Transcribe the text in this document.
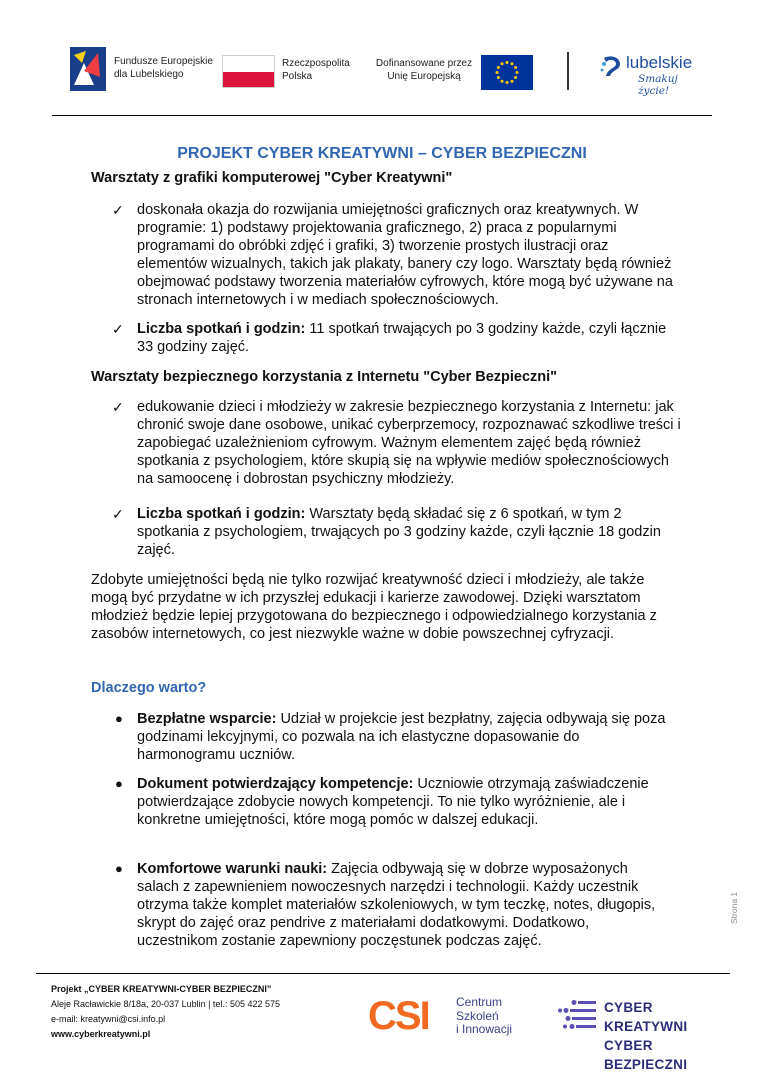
Fundusze Europejskie
dla Lubelskiego
Rzeczpospolita
Polska
Dofinansowane przez
Unię Europejską
lubelskie
Smakuj życie!
PROJEKT CYBER KREATYWNI – CYBER BEZPIECZNI
Warsztaty z grafiki komputerowej "Cyber Kreatywni"
✓ doskonała okazja do rozwijania umiejętności graficznych oraz kreatywnych. W programie: 1) podstawy projektowania graficznego, 2) praca z popularnymi programami do obróbki zdjęć i grafiki, 3) tworzenie prostych ilustracji oraz elementów wizualnych, takich jak plakaty, banery czy logo. Warsztaty będą również obejmować podstawy tworzenia materiałów cyfrowych, które mogą być używane na stronach internetowych i w mediach społecznościowych.
✓ Liczba spotkań i godzin: 11 spotkań trwających po 3 godziny każde, czyli łącznie 33 godziny zajęć.
Warsztaty bezpiecznego korzystania z Internetu "Cyber Bezpieczni"
✓ edukowanie dzieci i młodzieży w zakresie bezpiecznego korzystania z Internetu: jak chronić swoje dane osobowe, unikać cyberprzemocy, rozpoznawać szkodliwe treści i zapobiegać uzależnieniom cyfrowym. Ważnym elementem zajęć będą również spotkania z psychologiem, które skupią się na wpływie mediów społecznościowych na samoocenę i dobrostan psychiczny młodzieży.
✓ Liczba spotkań i godzin: Warsztaty będą składać się z 6 spotkań, w tym 2 spotkania z psychologiem, trwających po 3 godziny każde, czyli łącznie 18 godzin zajęć.
Zdobyte umiejętności będą nie tylko rozwijać kreatywność dzieci i młodzieży, ale także mogą być przydatne w ich przyszłej edukacji i karierze zawodowej. Dzięki warsztatom młodzież będzie lepiej przygotowana do bezpiecznego i odpowiedzialnego korzystania z zasobów internetowych, co jest niezwykle ważne w dobie powszechnej cyfryzacji.
Dlaczego warto?
● Bezpłatne wsparcie: Udział w projekcie jest bezpłatny, zajęcia odbywają się poza godzinami lekcyjnymi, co pozwala na ich elastyczne dopasowanie do harmonogramu uczniów.
● Dokument potwierdzający kompetencje: Uczniowie otrzymają zaświadczenie potwierdzające zdobycie nowych kompetencji. To nie tylko wyróżnienie, ale i konkretne umiejętności, które mogą pomóc w dalszej edukacji.
● Komfortowe warunki nauki: Zajęcia odbywają się w dobrze wyposażonych salach z zapewnieniem nowoczesnych narzędzi i technologii. Każdy uczestnik otrzyma także komplet materiałów szkoleniowych, w tym teczkę, notes, długopis, skrypt do zajęć oraz pendrive z materiałami dodatkowymi. Dodatkowo, uczestnikom zostanie zapewniony poczęstunek podczas zajęć.
Strona 1
Projekt „CYBER KREATYWNI-CYBER BEZPIECZNI”
Aleje Racławickie 8/18a, 20-037 Lublin | tel.: 505 422 575
e-mail: kreatywni@csi.info.pl
www.cyberkreatywni.pl	CSI Centrum
Szkoleń
i Innowacji
CYBER KREATYWNI
CYBER BEZPIECZNI
